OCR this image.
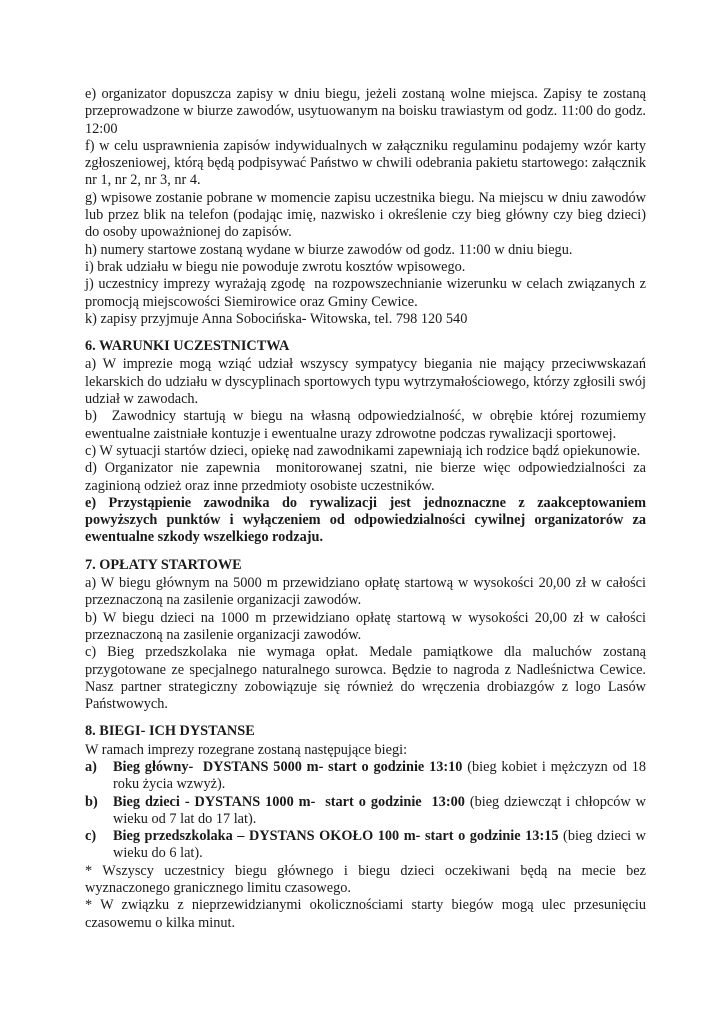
e) organizator dopuszcza zapisy w dniu biegu, jeżeli zostaną wolne miejsca. Zapisy te zostaną przeprowadzone w biurze zawodów, usytuowanym na boisku trawiastym od godz. 11:00 do godz. 12:00

f) w celu usprawnienia zapisów indywidualnych w załączniku regulaminu podajemy wzór karty zgłoszeniowej, którą będą podpisywać Państwo w chwili odebrania pakietu startowego: załącznik nr 1, nr 2, nr 3, nr 4.

g) wpisowe zostanie pobrane w momencie zapisu uczestnika biegu. Na miejscu w dniu zawodów lub przez blik na telefon (podając imię, nazwisko i określenie czy bieg główny czy bieg dzieci) do osoby upoważnionej do zapisów.

h) numery startowe zostaną wydane w biurze zawodów od godz. 11:00 w dniu biegu.

i) brak udziału w biegu nie powoduje zwrotu kosztów wpisowego.

j) uczestnicy imprezy wyrażają zgodę  na rozpowszechnianie wizerunku w celach związanych z promocją miejscowości Siemirowice oraz Gminy Cewice.

k) zapisy przyjmuje Anna Sobocińska- Witowska, tel. 798 120 540

6. WARUNKI UCZESTNICTWA

a) W imprezie mogą wziąć udział wszyscy sympatycy biegania nie mający przeciwwskazań lekarskich do udziału w dyscyplinach sportowych typu wytrzymałościowego, którzy zgłosili swój udział w zawodach.

b)  Zawodnicy startują w biegu na własną odpowiedzialność, w obrębie której rozumiemy ewentualne zaistniałe kontuzje i ewentualne urazy zdrowotne podczas rywalizacji sportowej.

c) W sytuacji startów dzieci, opiekę nad zawodnikami zapewniają ich rodzice bądź opiekunowie.

d) Organizator nie zapewnia  monitorowanej szatni, nie bierze więc odpowiedzialności za zaginioną odzież oraz inne przedmioty osobiste uczestników.

e) Przystąpienie zawodnika do rywalizacji jest jednoznaczne z zaakceptowaniem powyższych punktów i wyłączeniem od odpowiedzialności cywilnej organizatorów za ewentualne szkody wszelkiego rodzaju.

7. OPŁATY STARTOWE

a) W biegu głównym na 5000 m przewidziano opłatę startową w wysokości 20,00 zł w całości przeznaczoną na zasilenie organizacji zawodów.

b) W biegu dzieci na 1000 m przewidziano opłatę startową w wysokości 20,00 zł w całości przeznaczoną na zasilenie organizacji zawodów.

c) Bieg przedszkolaka nie wymaga opłat. Medale pamiątkowe dla maluchów zostaną przygotowane ze specjalnego naturalnego surowca. Będzie to nagroda z Nadleśnictwa Cewice. Nasz partner strategiczny zobowiązuje się również do wręczenia drobiazgów z logo Lasów Państwowych.

8. BIEGI- ICH DYSTANSE

W ramach imprezy rozegrane zostaną następujące biegi:

a) Bieg główny-  DYSTANS 5000 m- start o godzinie 13:10 (bieg kobiet i mężczyzn od 18 roku życia wzwyż).
b) Bieg dzieci - DYSTANS 1000 m-  start o godzinie  13:00 (bieg dziewcząt i chłopców w wieku od 7 lat do 17 lat).
c) Bieg przedszkolaka – DYSTANS OKOŁO 100 m- start o godzinie 13:15 (bieg dzieci w wieku do 6 lat).

* Wszyscy uczestnicy biegu głównego i biegu dzieci oczekiwani będą na mecie bez wyznaczonego granicznego limitu czasowego.

* W związku z nieprzewidzianymi okolicznościami starty biegów mogą ulec przesunięciu czasowemu o kilka minut.
